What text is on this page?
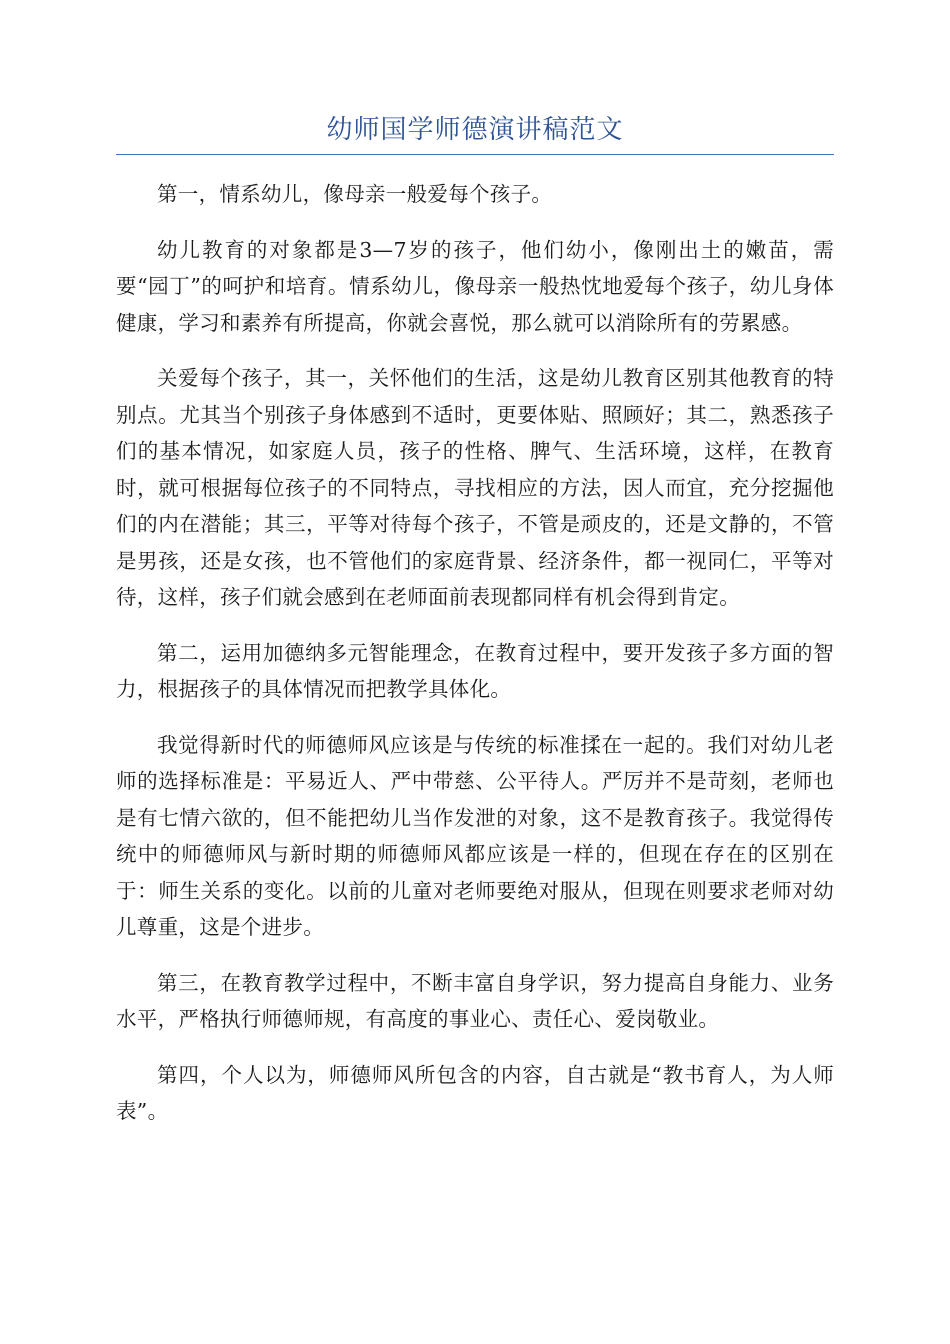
幼师国学师德演讲稿范文

第一，情系幼儿，像母亲一般爱每个孩子。

幼儿教育的对象都是3—7岁的孩子，他们幼小，像刚出土的嫩苗，需要“园丁”的呵护和培育。情系幼儿，像母亲一般热忱地爱每个孩子，幼儿身体健康，学习和素养有所提高，你就会喜悦，那么就可以消除所有的劳累感。

关爱每个孩子，其一，关怀他们的生活，这是幼儿教育区别其他教育的特别点。尤其当个别孩子身体感到不适时，更要体贴、照顾好；其二，熟悉孩子们的基本情况，如家庭人员，孩子的性格、脾气、生活环境，这样，在教育时，就可根据每位孩子的不同特点，寻找相应的方法，因人而宜，充分挖掘他们的内在潜能；其三，平等对待每个孩子，不管是顽皮的，还是文静的，不管是男孩，还是女孩，也不管他们的家庭背景、经济条件，都一视同仁，平等对待，这样，孩子们就会感到在老师面前表现都同样有机会得到肯定。

第二，运用加德纳多元智能理念，在教育过程中，要开发孩子多方面的智力，根据孩子的具体情况而把教学具体化。

我觉得新时代的师德师风应该是与传统的标准揉在一起的。我们对幼儿老师的选择标准是：平易近人、严中带慈、公平待人。严厉并不是苛刻，老师也是有七情六欲的，但不能把幼儿当作发泄的对象，这不是教育孩子。我觉得传统中的师德师风与新时期的师德师风都应该是一样的，但现在存在的区别在于：师生关系的变化。以前的儿童对老师要绝对服从，但现在则要求老师对幼儿尊重，这是个进步。

第三，在教育教学过程中，不断丰富自身学识，努力提高自身能力、业务水平，严格执行师德师规，有高度的事业心、责任心、爱岗敬业。

第四，个人以为，师德师风所包含的内容，自古就是“教书育人，为人师表”。
